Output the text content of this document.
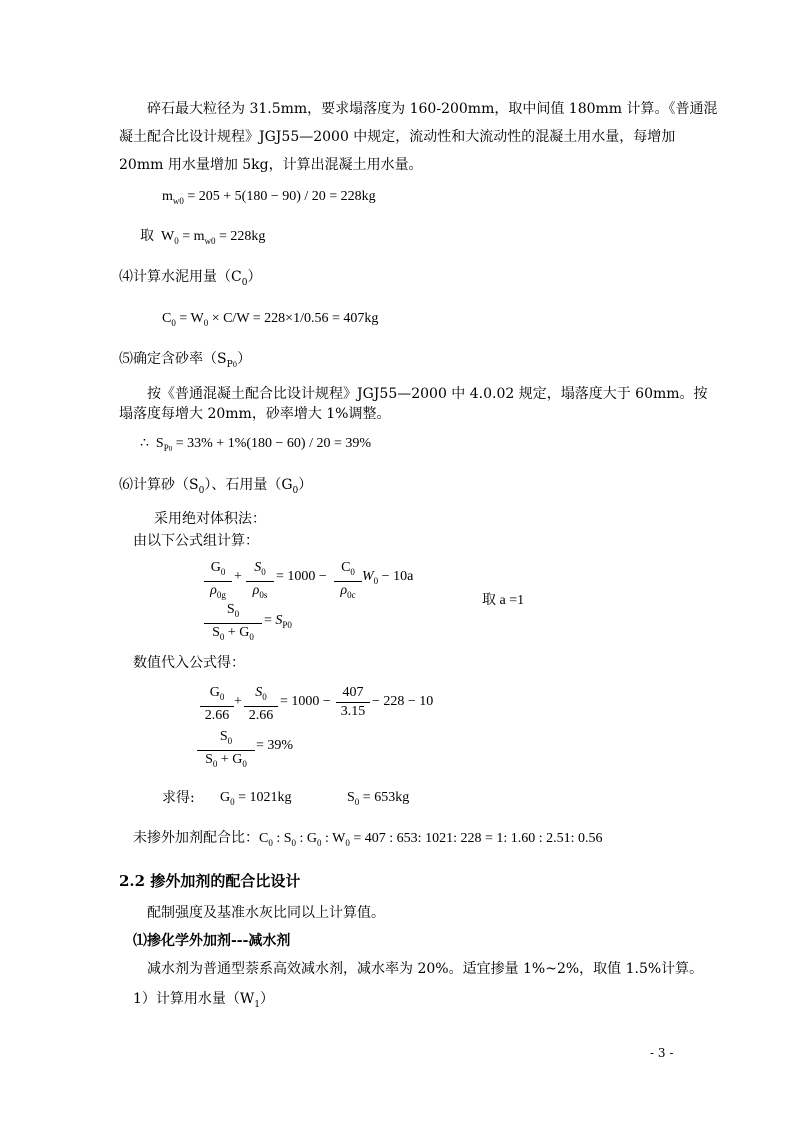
碎石最大粒径为 31.5mm，要求塌落度为 160-200mm，取中间值 180mm 计算。《普通混
凝土配合比设计规程》JGJ55—2000 中规定，流动性和大流动性的混凝土用水量，每增加
20mm 用水量增加 5kg，计算出混凝土用水量。
$m_{w0} = 205 + 5(180 - 90) / 20 = 228kg$
取  $W_0 = m_{w0} = 228kg$
⑷计算水泥用量$(C_0)$
$C_0 = W_0 \times C/W = 228\times 1/0.56 = 407kg$
⑸确定含砂率$(S_{P0})$
按《普通混凝土配合比设计规程》JGJ55—2000 中 4.0.02 规定，塌落度大于 60mm。按
塌落度每增大 20mm，砂率增大 1%调整。
∴  $S_{P0} = 33\% + 1\%(180 - 60) / 20 = 39\%$
⑹计算砂$(S_0)$、石用量$(G_0)$
采用绝对体积法：
由以下公式组计算：
$\frac{G_0}{\rho_{0g}} + \frac{S_0}{\rho_{0s}} = 1000 - \frac{C_0}{\rho_{0c}} W_0 - 10a$
取 a =1
$\frac{S_0}{S_0 + G_0} = S_{P0}$
数值代入公式得：
$\frac{G_0}{2.66} + \frac{S_0}{2.66} = 1000 - \frac{407}{3.15} - 228 - 10$
$\frac{S_0}{S_0 + G_0} = 39\%$
求得: $G_0 = 1021kg$	$S_0 = 653kg$
未掺外加剂配合比：$C_0$ : $S_0$ : $G_0$ : $W_0 = 407$ : 653: 1021: 228 = 1: 1.60 : 2.51: 0.56
2.2 掺外加剂的配合比设计
配制强度及基准水灰比同以上计算值。
⑴掺化学外加剂---减水剂
减水剂为普通型萘系高效减水剂，减水率为 20%。适宜掺量 1%~2%，取值 1.5%计算。
1）计算用水量$(W_1)$
- 3 -
